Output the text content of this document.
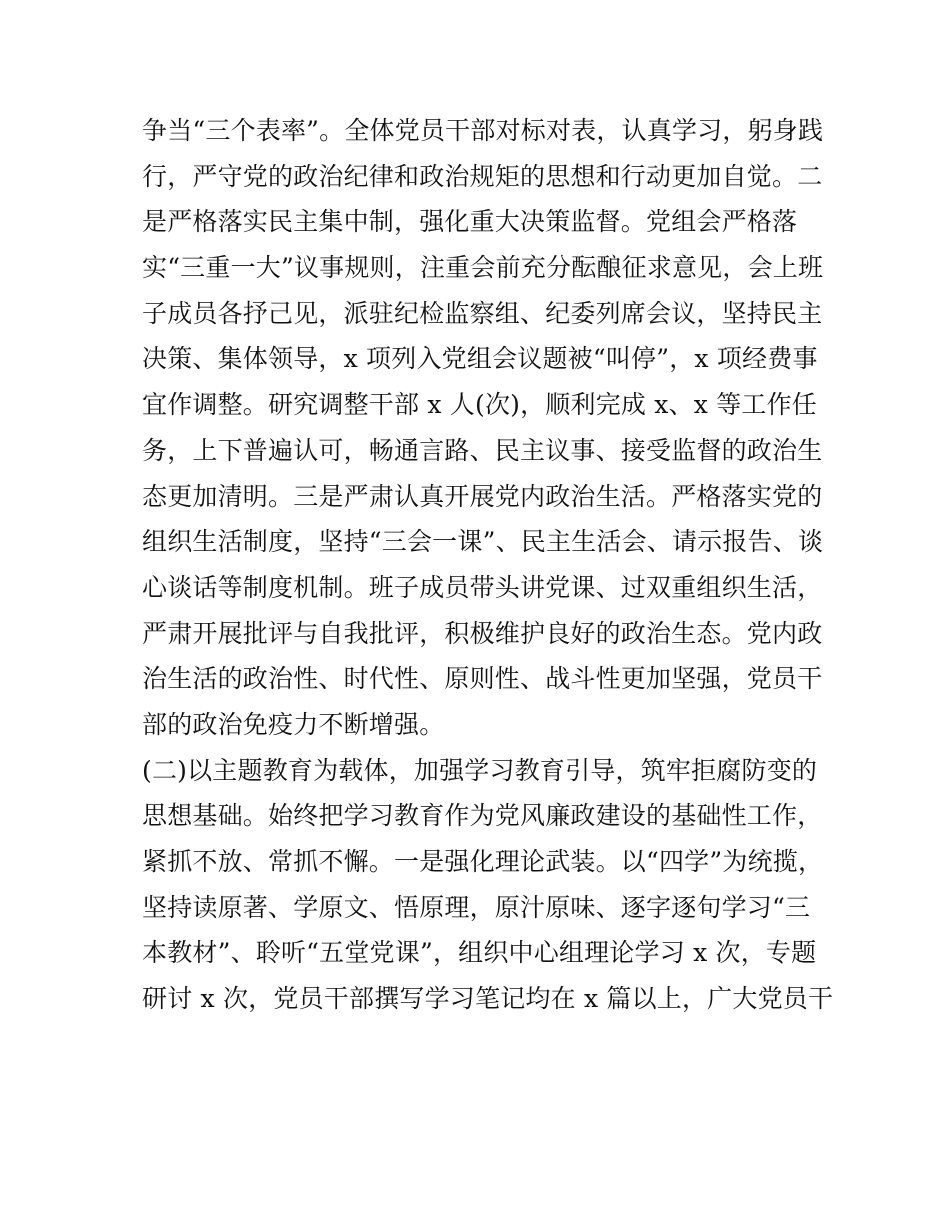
争当“三个表率”。全体党员干部对标对表，认真学习，躬身践
行，严守党的政治纪律和政治规矩的思想和行动更加自觉。二
是严格落实民主集中制，强化重大决策监督。党组会严格落
实“三重一大”议事规则，注重会前充分酝酿征求意见，会上班
子成员各抒己见，派驻纪检监察组、纪委列席会议，坚持民主
决策、集体领导，x 项列入党组会议题被“叫停”，x 项经费事
宜作调整。研究调整干部 x 人(次)，顺利完成 x、x 等工作任
务，上下普遍认可，畅通言路、民主议事、接受监督的政治生
态更加清明。三是严肃认真开展党内政治生活。严格落实党的
组织生活制度，坚持“三会一课”、民主生活会、请示报告、谈
心谈话等制度机制。班子成员带头讲党课、过双重组织生活，
严肃开展批评与自我批评，积极维护良好的政治生态。党内政
治生活的政治性、时代性、原则性、战斗性更加坚强，党员干
部的政治免疫力不断增强。
(二)以主题教育为载体，加强学习教育引导，筑牢拒腐防变的
思想基础。始终把学习教育作为党风廉政建设的基础性工作，
紧抓不放、常抓不懈。一是强化理论武装。以“四学”为统揽，
坚持读原著、学原文、悟原理，原汁原味、逐字逐句学习“三
本教材”、聆听“五堂党课”，组织中心组理论学习 x 次，专题
研讨 x 次，党员干部撰写学习笔记均在 x 篇以上，广大党员干
